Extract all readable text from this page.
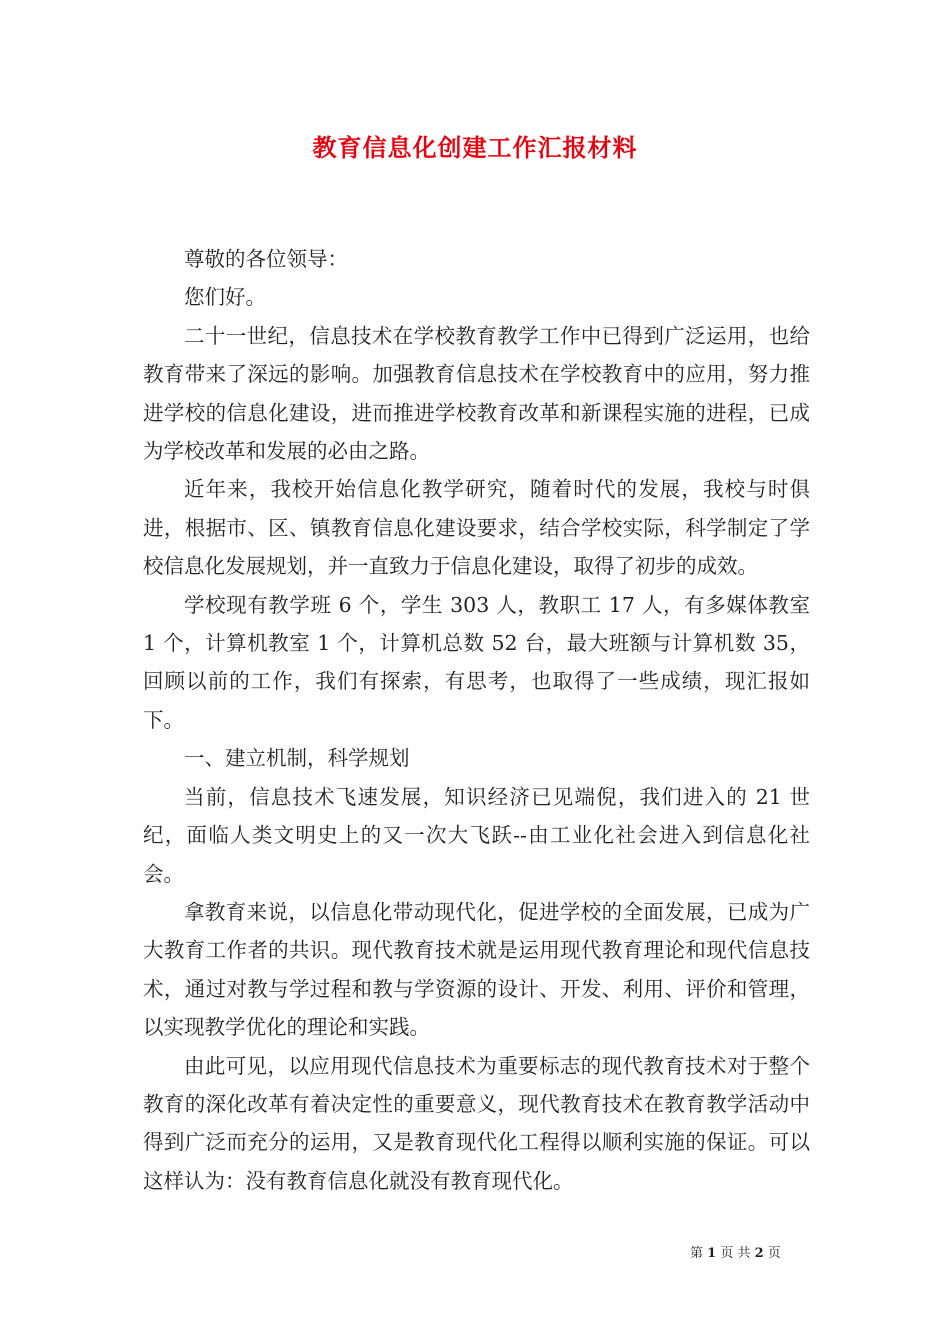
教育信息化创建工作汇报材料

尊敬的各位领导：

您们好。

二十一世纪，信息技术在学校教育教学工作中已得到广泛运用，也给教育带来了深远的影响。加强教育信息技术在学校教育中的应用，努力推进学校的信息化建设，进而推进学校教育改革和新课程实施的进程，已成为学校改革和发展的必由之路。

近年来，我校开始信息化教学研究，随着时代的发展，我校与时俱进，根据市、区、镇教育信息化建设要求，结合学校实际，科学制定了学校信息化发展规划，并一直致力于信息化建设，取得了初步的成效。

学校现有教学班 6 个，学生 303 人，教职工 17 人，有多媒体教室 1 个，计算机教室 1 个，计算机总数 52 台，最大班额与计算机数 35，回顾以前的工作，我们有探索，有思考，也取得了一些成绩，现汇报如下。

一、建立机制，科学规划

当前，信息技术飞速发展，知识经济已见端倪，我们进入的 21 世纪，面临人类文明史上的又一次大飞跃--由工业化社会进入到信息化社会。

拿教育来说，以信息化带动现代化，促进学校的全面发展，已成为广大教育工作者的共识。现代教育技术就是运用现代教育理论和现代信息技术，通过对教与学过程和教与学资源的设计、开发、利用、评价和管理，以实现教学优化的理论和实践。

由此可见，以应用现代信息技术为重要标志的现代教育技术对于整个教育的深化改革有着决定性的重要意义，现代教育技术在教育教学活动中得到广泛而充分的运用，又是教育现代化工程得以顺利实施的保证。可以这样认为：没有教育信息化就没有教育现代化。

第 1 页 共 2 页
